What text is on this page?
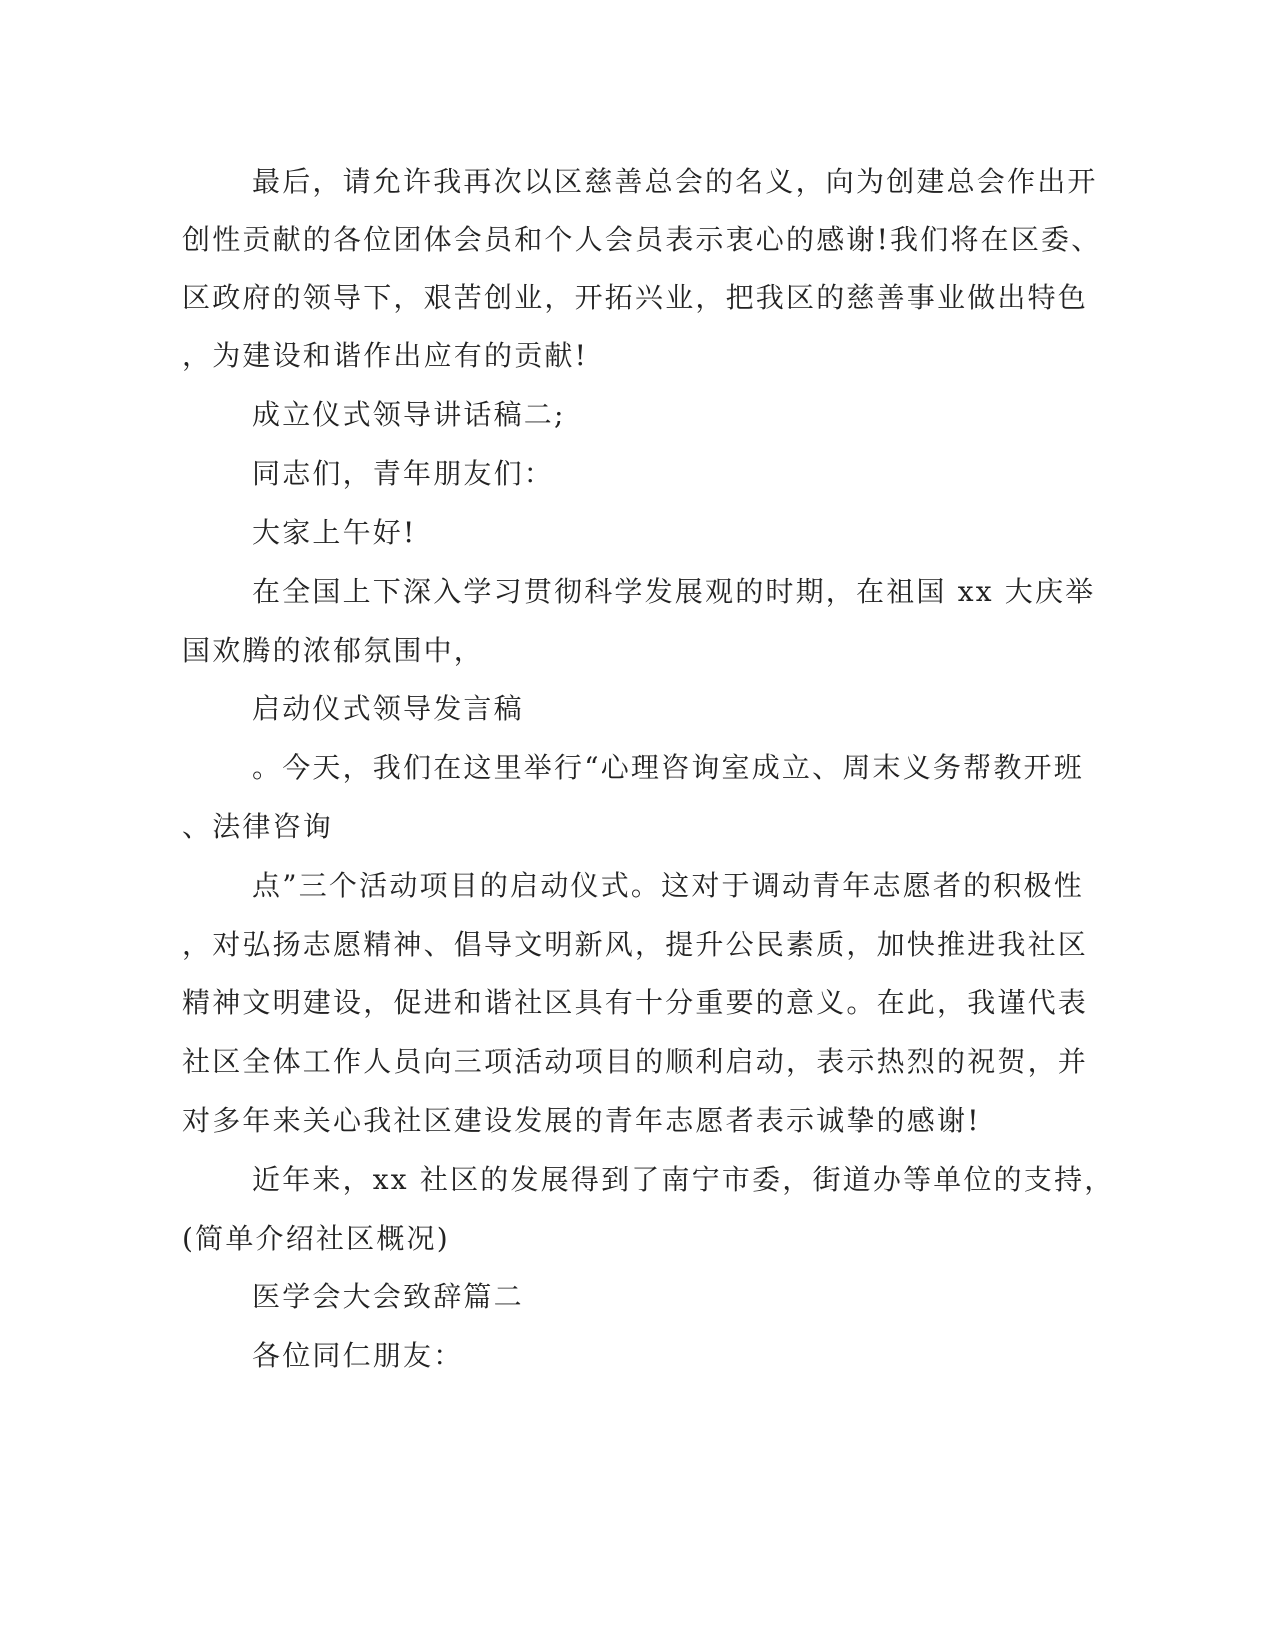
最后，请允许我再次以区慈善总会的名义，向为创建总会作出开
创性贡献的各位团体会员和个人会员表示衷心的感谢!我们将在区委、
区政府的领导下，艰苦创业，开拓兴业，把我区的慈善事业做出特色
，为建设和谐作出应有的贡献!
成立仪式领导讲话稿二;
同志们，青年朋友们：
大家上午好!
在全国上下深入学习贯彻科学发展观的时期，在祖国 xx 大庆举
国欢腾的浓郁氛围中，
启动仪式领导发言稿
。今天，我们在这里举行“心理咨询室成立、周末义务帮教开班
、法律咨询
点”三个活动项目的启动仪式。这对于调动青年志愿者的积极性
，对弘扬志愿精神、倡导文明新风，提升公民素质，加快推进我社区
精神文明建设，促进和谐社区具有十分重要的意义。在此，我谨代表
社区全体工作人员向三项活动项目的顺利启动，表示热烈的祝贺，并
对多年来关心我社区建设发展的青年志愿者表示诚挚的感谢!
近年来，xx 社区的发展得到了南宁市委，街道办等单位的支持，
(简单介绍社区概况)
医学会大会致辞篇二
各位同仁朋友：
